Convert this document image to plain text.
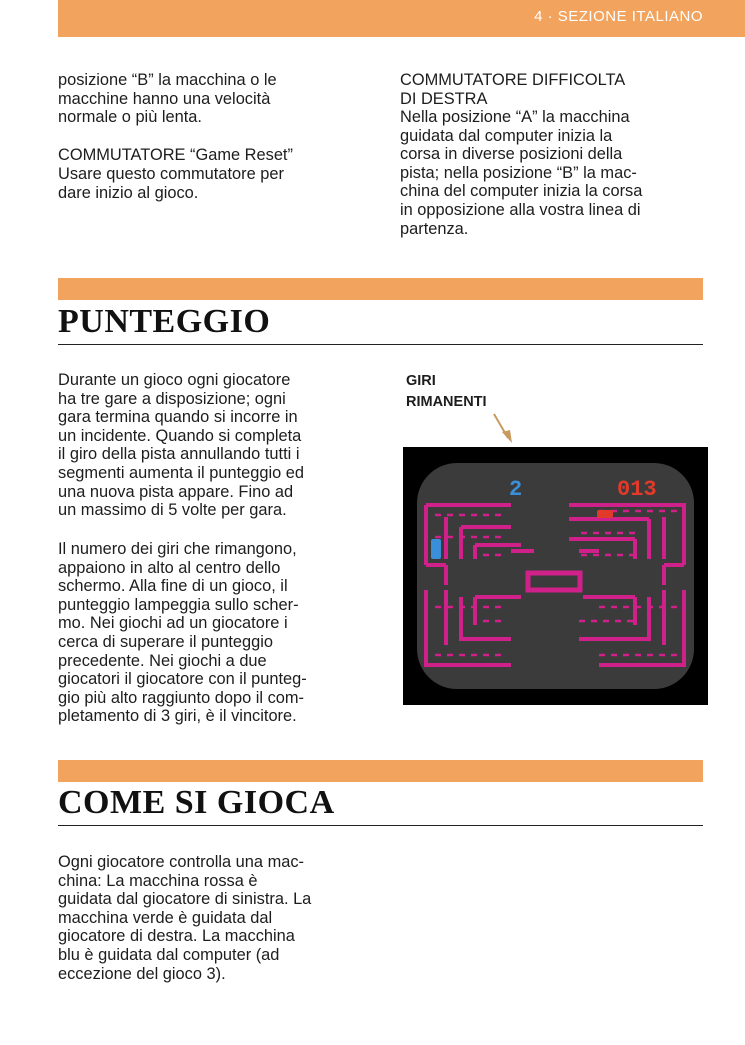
4 · SEZIONE ITALIANO

posizione “B” la macchina o le
macchine hanno una velocità
normale o più lenta.

COMMUTATORE “Game Reset”

Usare questo commutatore per
dare inizio al gioco.

COMMUTATORE DIFFICOLTA
DI DESTRA

Nella posizione “A” la macchina
guidata dal computer inizia la
corsa in diverse posizioni della
pista; nella posizione “B” la mac-
china del computer inizia la corsa
in opposizione alla vostra linea di
partenza.

PUNTEGGIO

Durante un gioco ogni giocatore
ha tre gare a disposizione; ogni
gara termina quando si incorre in
un incidente. Quando si completa
il giro della pista annullando tutti i
segmenti aumenta il punteggio ed
una nuova pista appare. Fino ad
un massimo di 5 volte per gara.

Il numero dei giri che rimangono,
appaiono in alto al centro dello
schermo. Alla fine di un gioco, il
punteggio lampeggia sullo scher-
mo. Nei giochi ad un giocatore i
cerca di superare il punteggio
precedente. Nei giochi a due
giocatori il giocatore con il punteg-
gio più alto raggiunto dopo il com-
pletamento di 3 giri, è il vincitore.

GIRI
RIMANENTI
2	013
COME SI GIOCA

Ogni giocatore controlla una mac-
china: La macchina rossa è
guidata dal giocatore di sinistra. La
macchina verde è guidata dal
giocatore di destra. La macchina
blu è guidata dal computer (ad
eccezione del gioco 3).
